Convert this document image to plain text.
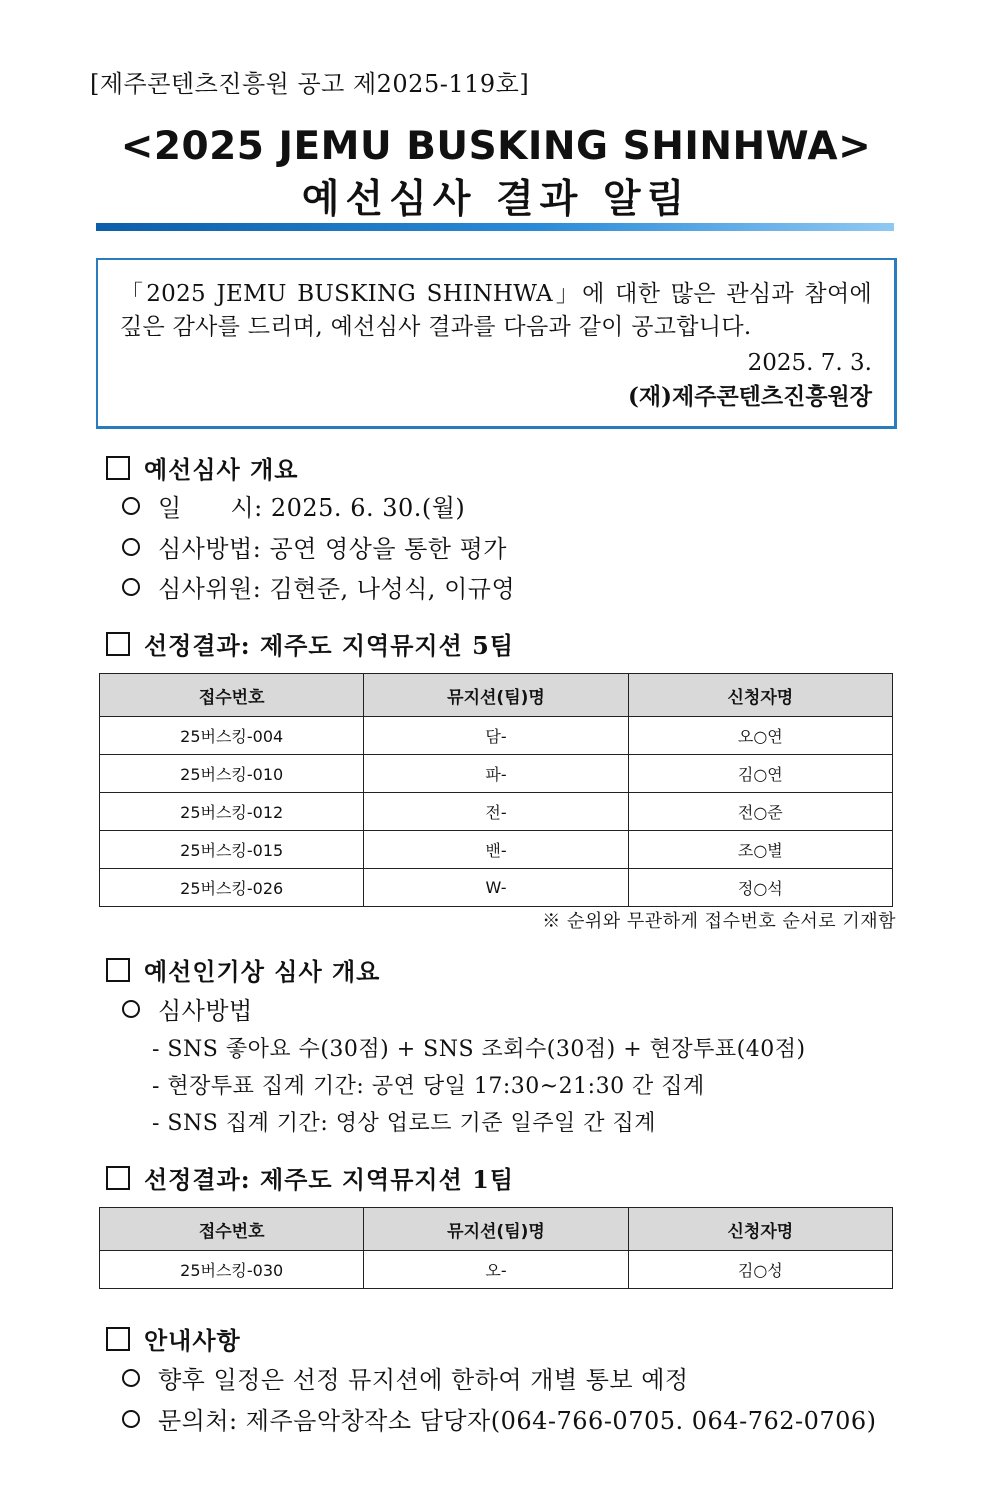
[제주콘텐츠진흥원 공고 제2025-119호]
<2025 JEMU BUSKING SHINHWA>
예선심사 결과 알림
「2025 JEMU BUSKING SHINHWA」에 대한 많은 관심과 참여에 깊은 감사를 드리며, 예선심사 결과를 다음과 같이 공고합니다.
2025. 7. 3.
(재)제주콘텐츠진흥원장
예선심사 개요
일      시: 2025. 6. 30.(월)
심사방법: 공연 영상을 통한 평가
심사위원: 김현준, 나성식, 이규영
선정결과: 제주도 지역뮤지션 5팀
접수번호	뮤지션(팀)명	신청자명
25버스킹-004	담-	오○연
25버스킹-010	파-	김○연
25버스킹-012	전-	전○준
25버스킹-015	밴-	조○별
25버스킹-026	W-	정○석
※ 순위와 무관하게 접수번호 순서로 기재함
예선인기상 심사 개요
심사방법
- SNS 좋아요 수(30점) + SNS 조회수(30점) + 현장투표(40점)
- 현장투표 집계 기간: 공연 당일 17:30~21:30 간 집계
- SNS 집계 기간: 영상 업로드 기준 일주일 간 집계
선정결과: 제주도 지역뮤지션 1팀
접수번호	뮤지션(팀)명	신청자명
25버스킹-030	오-	김○성
안내사항
향후 일정은 선정 뮤지션에 한하여 개별 통보 예정
문의처: 제주음악창작소 담당자(064-766-0705. 064-762-0706)
